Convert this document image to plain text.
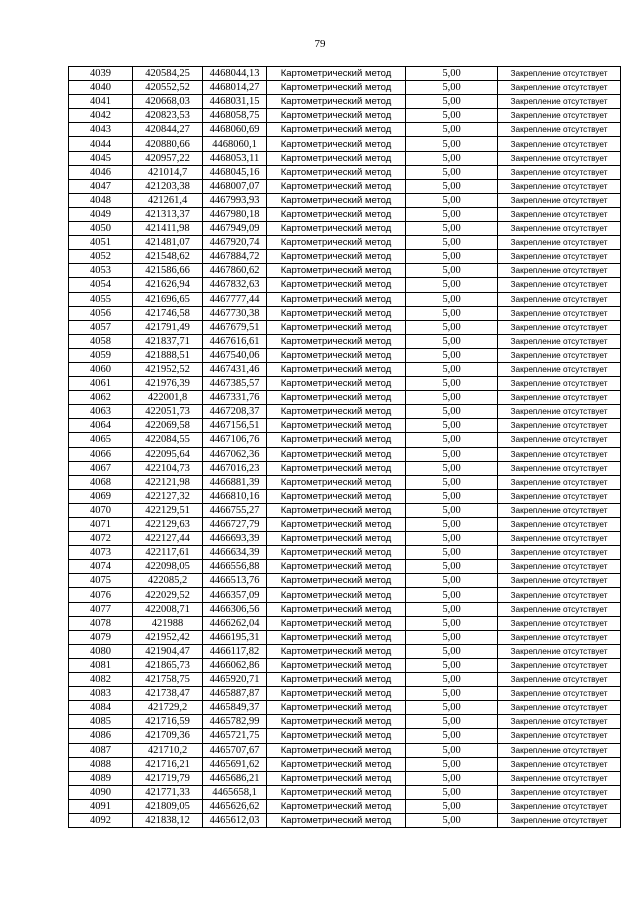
79
4039	420584,25	4468044,13	Картометрический метод	5,00	Закрепление отсутствует
4040	420552,52	4468014,27	Картометрический метод	5,00	Закрепление отсутствует
4041	420668,03	4468031,15	Картометрический метод	5,00	Закрепление отсутствует
4042	420823,53	4468058,75	Картометрический метод	5,00	Закрепление отсутствует
4043	420844,27	4468060,69	Картометрический метод	5,00	Закрепление отсутствует
4044	420880,66	4468060,1	Картометрический метод	5,00	Закрепление отсутствует
4045	420957,22	4468053,11	Картометрический метод	5,00	Закрепление отсутствует
4046	421014,7	4468045,16	Картометрический метод	5,00	Закрепление отсутствует
4047	421203,38	4468007,07	Картометрический метод	5,00	Закрепление отсутствует
4048	421261,4	4467993,93	Картометрический метод	5,00	Закрепление отсутствует
4049	421313,37	4467980,18	Картометрический метод	5,00	Закрепление отсутствует
4050	421411,98	4467949,09	Картометрический метод	5,00	Закрепление отсутствует
4051	421481,07	4467920,74	Картометрический метод	5,00	Закрепление отсутствует
4052	421548,62	4467884,72	Картометрический метод	5,00	Закрепление отсутствует
4053	421586,66	4467860,62	Картометрический метод	5,00	Закрепление отсутствует
4054	421626,94	4467832,63	Картометрический метод	5,00	Закрепление отсутствует
4055	421696,65	4467777,44	Картометрический метод	5,00	Закрепление отсутствует
4056	421746,58	4467730,38	Картометрический метод	5,00	Закрепление отсутствует
4057	421791,49	4467679,51	Картометрический метод	5,00	Закрепление отсутствует
4058	421837,71	4467616,61	Картометрический метод	5,00	Закрепление отсутствует
4059	421888,51	4467540,06	Картометрический метод	5,00	Закрепление отсутствует
4060	421952,52	4467431,46	Картометрический метод	5,00	Закрепление отсутствует
4061	421976,39	4467385,57	Картометрический метод	5,00	Закрепление отсутствует
4062	422001,8	4467331,76	Картометрический метод	5,00	Закрепление отсутствует
4063	422051,73	4467208,37	Картометрический метод	5,00	Закрепление отсутствует
4064	422069,58	4467156,51	Картометрический метод	5,00	Закрепление отсутствует
4065	422084,55	4467106,76	Картометрический метод	5,00	Закрепление отсутствует
4066	422095,64	4467062,36	Картометрический метод	5,00	Закрепление отсутствует
4067	422104,73	4467016,23	Картометрический метод	5,00	Закрепление отсутствует
4068	422121,98	4466881,39	Картометрический метод	5,00	Закрепление отсутствует
4069	422127,32	4466810,16	Картометрический метод	5,00	Закрепление отсутствует
4070	422129,51	4466755,27	Картометрический метод	5,00	Закрепление отсутствует
4071	422129,63	4466727,79	Картометрический метод	5,00	Закрепление отсутствует
4072	422127,44	4466693,39	Картометрический метод	5,00	Закрепление отсутствует
4073	422117,61	4466634,39	Картометрический метод	5,00	Закрепление отсутствует
4074	422098,05	4466556,88	Картометрический метод	5,00	Закрепление отсутствует
4075	422085,2	4466513,76	Картометрический метод	5,00	Закрепление отсутствует
4076	422029,52	4466357,09	Картометрический метод	5,00	Закрепление отсутствует
4077	422008,71	4466306,56	Картометрический метод	5,00	Закрепление отсутствует
4078	421988	4466262,04	Картометрический метод	5,00	Закрепление отсутствует
4079	421952,42	4466195,31	Картометрический метод	5,00	Закрепление отсутствует
4080	421904,47	4466117,82	Картометрический метод	5,00	Закрепление отсутствует
4081	421865,73	4466062,86	Картометрический метод	5,00	Закрепление отсутствует
4082	421758,75	4465920,71	Картометрический метод	5,00	Закрепление отсутствует
4083	421738,47	4465887,87	Картометрический метод	5,00	Закрепление отсутствует
4084	421729,2	4465849,37	Картометрический метод	5,00	Закрепление отсутствует
4085	421716,59	4465782,99	Картометрический метод	5,00	Закрепление отсутствует
4086	421709,36	4465721,75	Картометрический метод	5,00	Закрепление отсутствует
4087	421710,2	4465707,67	Картометрический метод	5,00	Закрепление отсутствует
4088	421716,21	4465691,62	Картометрический метод	5,00	Закрепление отсутствует
4089	421719,79	4465686,21	Картометрический метод	5,00	Закрепление отсутствует
4090	421771,33	4465658,1	Картометрический метод	5,00	Закрепление отсутствует
4091	421809,05	4465626,62	Картометрический метод	5,00	Закрепление отсутствует
4092	421838,12	4465612,03	Картометрический метод	5,00	Закрепление отсутствует
